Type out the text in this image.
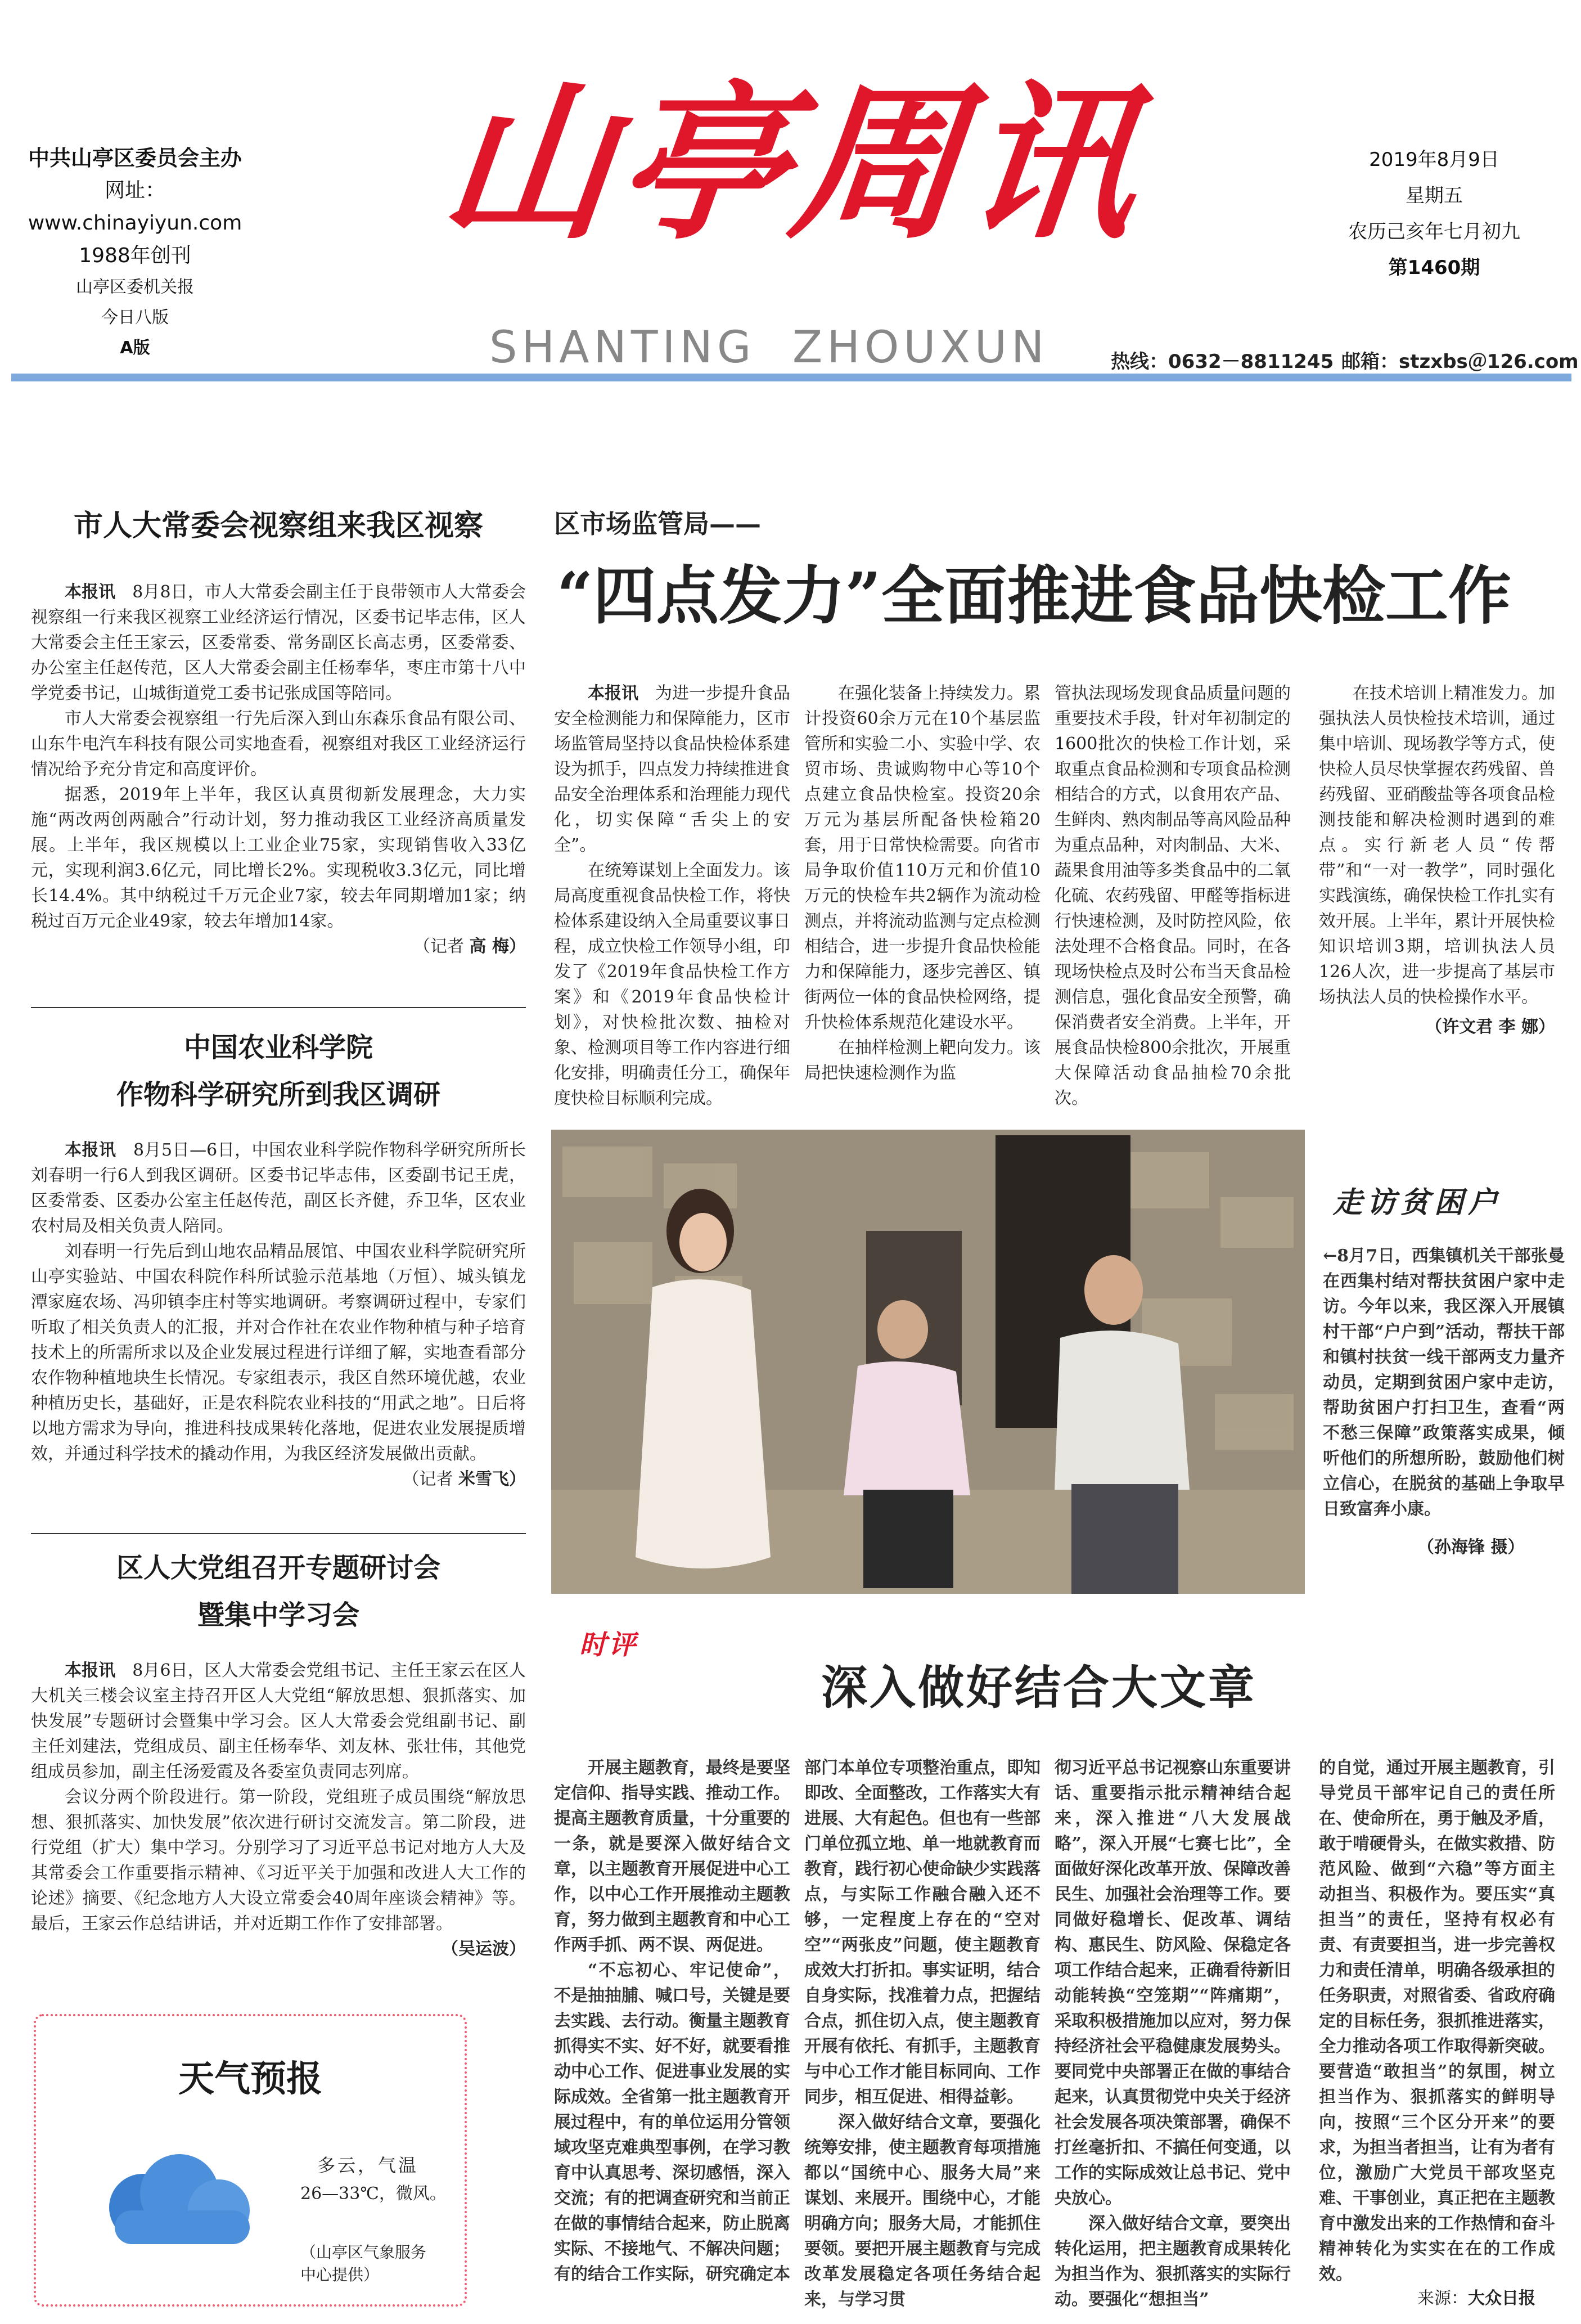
中共山亭区委员会主办
网址：www.chinayiyun.com
1988年创刊
山亭区委机关报
今日八版
A版
山亭周讯
SHANTING  ZHOUXUN
2019年8月9日
星期五
农历己亥年七月初九
第1460期
热线：0632－8811245 邮箱：stzxbs＠126.com
市人大常委会视察组来我区视察

本报讯　 8月8日，市人大常委会副主任于良带领市人大常委会视察组一行来我区视察工业经济运行情况，区委书记毕志伟，区人大常委会主任王家云，区委常委、常务副区长高志勇，区委常委、办公室主任赵传范，区人大常委会副主任杨奉华，枣庄市第十八中学党委书记，山城街道党工委书记张成国等陪同。

市人大常委会视察组一行先后深入到山东森乐食品有限公司、山东牛电汽车科技有限公司实地查看，视察组对我区工业经济运行情况给予充分肯定和高度评价。

据悉，2019年上半年，我区认真贯彻新发展理念，大力实施“两改两创两融合”行动计划，努力推动我区工业经济高质量发展。上半年，我区规模以上工业企业75家，实现销售收入33亿元，实现利润3.6亿元，同比增长2%。实现税收3.3亿元，同比增长14.4%。其中纳税过千万元企业7家，较去年同期增加1家；纳税过百万元企业49家，较去年增加14家。

（记者 高 梅）
中国农业科学院
作物科学研究所到我区调研

本报讯　 8月5日—6日，中国农业科学院作物科学研究所所长刘春明一行6人到我区调研。区委书记毕志伟，区委副书记王虎，区委常委、区委办公室主任赵传范，副区长齐健，乔卫华，区农业农村局及相关负责人陪同。

刘春明一行先后到山地农品精品展馆、中国农业科学院研究所山亭实验站、中国农科院作科所试验示范基地（万恒）、城头镇龙潭家庭农场、冯卯镇李庄村等实地调研。考察调研过程中，专家们听取了相关负责人的汇报，并对合作社在农业作物种植与种子培育技术上的所需所求以及企业发展过程进行详细了解，实地查看部分农作物种植地块生长情况。专家组表示，我区自然环境优越，农业种植历史长，基础好，正是农科院农业科技的“用武之地”。日后将以地方需求为导向，推进科技成果转化落地，促进农业发展提质增效，并通过科学技术的撬动作用，为我区经济发展做出贡献。

（记者 米雪飞）
区人大党组召开专题研讨会
暨集中学习会

本报讯　 8月6日，区人大常委会党组书记、主任王家云在区人大机关三楼会议室主持召开区人大党组“解放思想、狠抓落实、加快发展”专题研讨会暨集中学习会。区人大常委会党组副书记、副主任刘建法，党组成员、副主任杨奉华、刘友林、张壮伟，其他党组成员参加，副主任汤爱霞及各委室负责同志列席。

会议分两个阶段进行。第一阶段，党组班子成员围绕“解放思想、狠抓落实、加快发展”依次进行研讨交流发言。第二阶段，进行党组（扩大）集中学习。分别学习了习近平总书记对地方人大及其常委会工作重要指示精神、《习近平关于加强和改进人大工作的论述》摘要、《纪念地方人大设立常委会40周年座谈会精神》等。最后，王家云作总结讲话，并对近期工作作了安排部署。

（吴运波）
天气预报
多云，气温
26—33℃，微风。
（山亭区气象服务中心提供）
区市场监管局——
“四点发力”全面推进食品快检工作

本报讯　 为进一步提升食品安全检测能力和保障能力，区市场监管局坚持以食品快检体系建设为抓手，四点发力持续推进食品安全治理体系和治理能力现代化，切实保障“舌尖上的安全”。

在统筹谋划上全面发力。该局高度重视食品快检工作，将快检体系建设纳入全局重要议事日程，成立快检工作领导小组，印发了《2019年食品快检工作方案》和《2019年食品快检计划》，对快检批次数、抽检对象、检测项目等工作内容进行细化安排，明确责任分工，确保年度快检目标顺利完成。

在强化装备上持续发力。累计投资60余万元在10个基层监管所和实验二小、实验中学、农贸市场、贵诚购物中心等10个点建立食品快检室。投资20余万元为基层所配备快检箱20套，用于日常快检需要。向省市局争取价值110万元和价值10万元的快检车共2辆作为流动检测点，并将流动监测与定点检测相结合，进一步提升食品快检能力和保障能力，逐步完善区、镇街两位一体的食品快检网络，提升快检体系规范化建设水平。

在抽样检测上靶向发力。该局把快速检测作为监

管执法现场发现食品质量问题的重要技术手段，针对年初制定的1600批次的快检工作计划，采取重点食品检测和专项食品检测相结合的方式，以食用农产品、生鲜肉、熟肉制品等高风险品种为重点品种，对肉制品、大米、蔬果食用油等多类食品中的二氧化硫、农药残留、甲醛等指标进行快速检测，及时防控风险，依法处理不合格食品。同时，在各现场快检点及时公布当天食品检测信息，强化食品安全预警，确保消费者安全消费。上半年，开展食品快检800余批次，开展重大保障活动食品抽检70余批次。

在技术培训上精准发力。加强执法人员快检技术培训，通过集中培训、现场教学等方式，使快检人员尽快掌握农药残留、兽药残留、亚硝酸盐等各项食品检测技能和解决检测时遇到的难点。实行新老人员“传帮带”和“一对一教学”，同时强化实践演练，确保快检工作扎实有效开展。上半年，累计开展快检知识培训3期，培训执法人员126人次，进一步提高了基层市场执法人员的快检操作水平。

（许文君 李 娜）
走访贫困户
←8月7日，西集镇机关干部张曼在西集村结对帮扶贫困户家中走访。今年以来，我区深入开展镇村干部“户户到”活动，帮扶干部和镇村扶贫一线干部两支力量齐动员，定期到贫困户家中走访，帮助贫困户打扫卫生，查看“两不愁三保障”政策落实成果，倾听他们的所想所盼，鼓励他们树立信心，在脱贫的基础上争取早日致富奔小康。
（孙海锋 摄）
时评
深入做好结合大文章

开展主题教育，最终是要坚定信仰、指导实践、推动工作。提高主题教育质量，十分重要的一条，就是要深入做好结合文章，以主题教育开展促进中心工作，以中心工作开展推动主题教育，努力做到主题教育和中心工作两手抓、两不误、两促进。

“不忘初心、牢记使命”，不是抽抽脯、喊口号，关键是要去实践、去行动。衡量主题教育抓得实不实、好不好，就要看推动中心工作、促进事业发展的实际成效。全省第一批主题教育开展过程中，有的单位运用分管领域攻坚克难典型事例，在学习教育中认真思考、深切感悟，深入交流；有的把调查研究和当前正在做的事情结合起来，防止脱离实际、不接地气、不解决问题；有的结合工作实际，研究确定本

部门本单位专项整治重点，即知即改、全面整改，工作落实大有进展、大有起色。但也有一些部门单位孤立地、单一地就教育而教育，践行初心使命缺少实践落点，与实际工作融合融入还不够，一定程度上存在的“空对空”“两张皮”问题，使主题教育成效大打折扣。事实证明，结合自身实际，找准着力点，把握结合点，抓住切入点，使主题教育开展有依托、有抓手，主题教育与中心工作才能目标同向、工作同步，相互促进、相得益彰。

深入做好结合文章，要强化统筹安排，使主题教育每项措施都以“国统中心、服务大局”来谋划、来展开。围绕中心，才能明确方向；服务大局，才能抓住要领。要把开展主题教育与完成改革发展稳定各项任务结合起来，与学习贯

彻习近平总书记视察山东重要讲话、重要指示批示精神结合起来，深入推进“八大发展战略”，深入开展“七赛七比”，全面做好深化改革开放、保障改善民生、加强社会治理等工作。要同做好稳增长、促改革、调结构、惠民生、防风险、保稳定各项工作结合起来，正确看待新旧动能转换“空笼期”“阵痛期”，采取积极措施加以应对，努力保持经济社会平稳健康发展势头。要同党中央部署正在做的事结合起来，认真贯彻党中央关于经济社会发展各项决策部署，确保不打丝毫折扣、不搞任何变通，以工作的实际成效让总书记、党中央放心。

深入做好结合文章，要突出转化运用，把主题教育成果转化为担当作为、狠抓落实的实际行动。要强化“想担当”

的自觉，通过开展主题教育，引导党员干部牢记自己的责任所在、使命所在，勇于触及矛盾，敢于啃硬骨头，在做实救措、防范风险、做到“六稳”等方面主动担当、积极作为。要压实“真担当”的责任，坚持有权必有责、有责要担当，进一步完善权力和责任清单，明确各级承担的任务职责，对照省委、省政府确定的目标任务，狠抓推进落实，全力推动各项工作取得新突破。要营造“敢担当”的氛围，树立担当作为、狠抓落实的鲜明导向，按照“三个区分开来”的要求，为担当者担当，让有为者有位，激励广大党员干部攻坚克难、干事创业，真正把在主题教育中激发出来的工作热情和奋斗精神转化为实实在在的工作成效。

来源：大众日报
